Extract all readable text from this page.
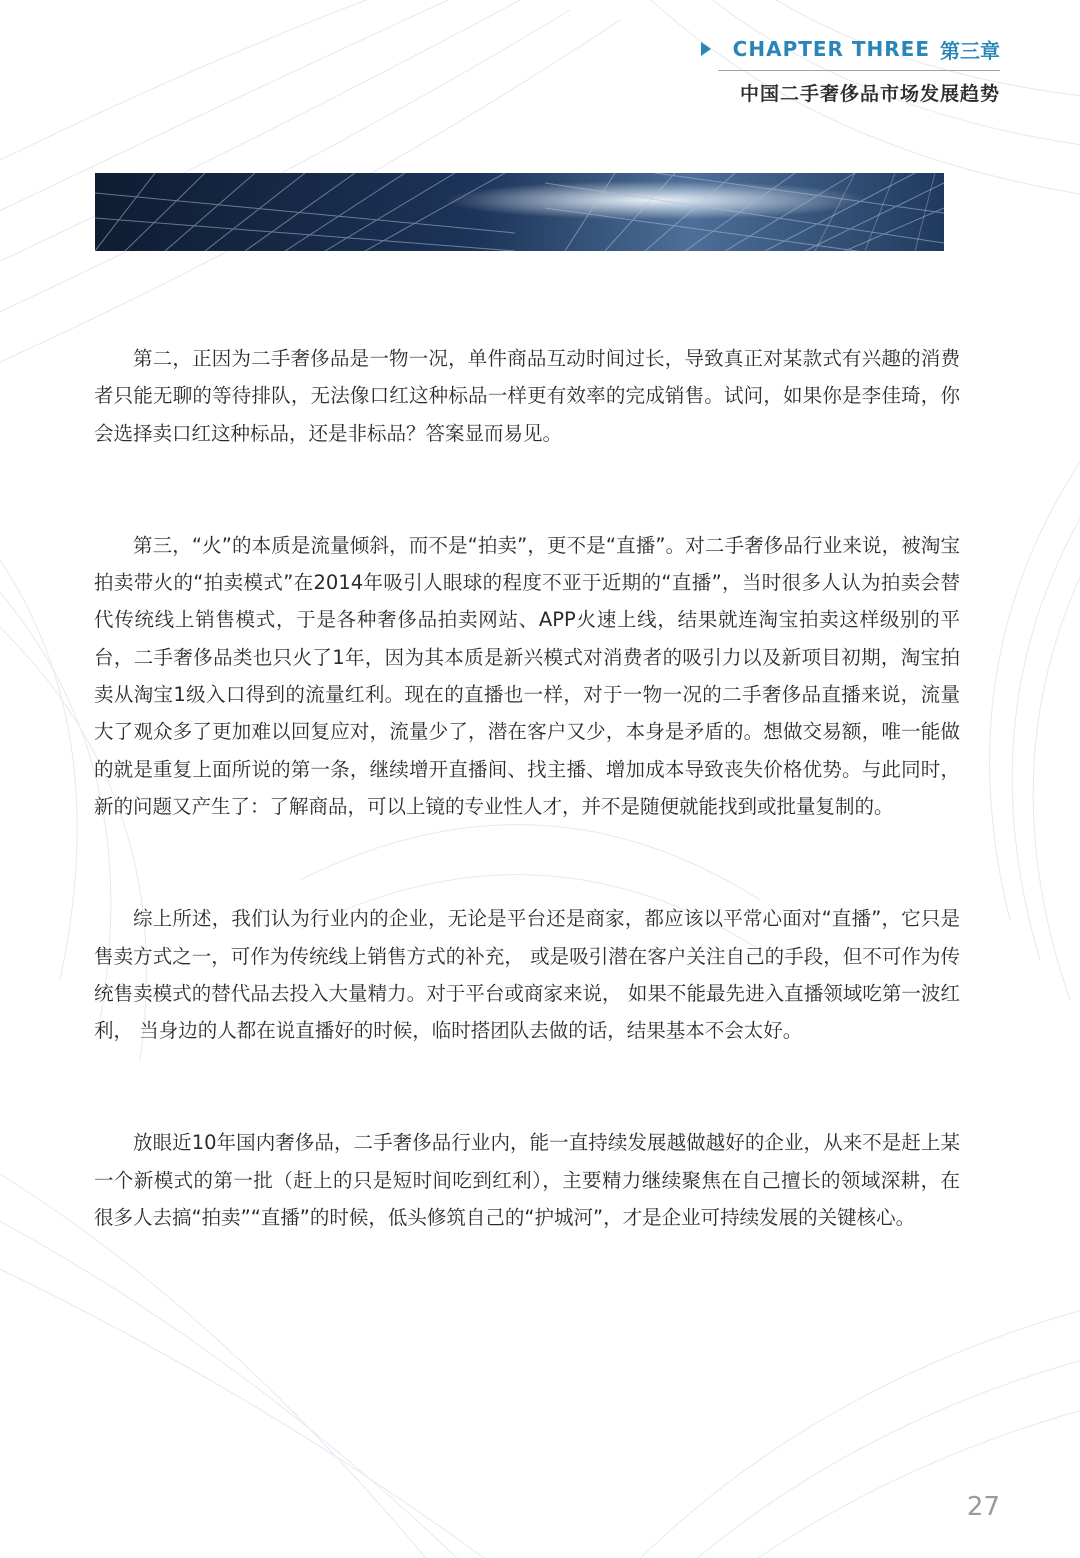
CHAPTER THREE 第三章
中国二手奢侈品市场发展趋势

第二，正因为二手奢侈品是一物一况，单件商品互动时间过长，导致真正对某款式有兴趣的消费者只能无聊的等待排队，无法像口红这种标品一样更有效率的完成销售。试问，如果你是李佳琦，你会选择卖口红这种标品，还是非标品？答案显而易见。

第三，“火”的本质是流量倾斜，而不是“拍卖”，更不是“直播”。对二手奢侈品行业来说，被淘宝拍卖带火的“拍卖模式”在2014年吸引人眼球的程度不亚于近期的“直播”，当时很多人认为拍卖会替代传统线上销售模式，于是各种奢侈品拍卖网站、APP火速上线，结果就连淘宝拍卖这样级别的平台，二手奢侈品类也只火了1年，因为其本质是新兴模式对消费者的吸引力以及新项目初期，淘宝拍卖从淘宝1级入口得到的流量红利。现在的直播也一样，对于一物一况的二手奢侈品直播来说，流量大了观众多了更加难以回复应对，流量少了，潜在客户又少，本身是矛盾的。想做交易额，唯一能做的就是重复上面所说的第一条，继续增开直播间、找主播、增加成本导致丧失价格优势。与此同时，新的问题又产生了：了解商品，可以上镜的专业性人才，并不是随便就能找到或批量复制的。

综上所述，我们认为行业内的企业，无论是平台还是商家，都应该以平常心面对“直播”，它只是售卖方式之一，可作为传统线上销售方式的补充， 或是吸引潜在客户关注自己的手段，但不可作为传统售卖模式的替代品去投入大量精力。对于平台或商家来说， 如果不能最先进入直播领域吃第一波红利， 当身边的人都在说直播好的时候，临时搭团队去做的话，结果基本不会太好。

放眼近10年国内奢侈品，二手奢侈品行业内，能一直持续发展越做越好的企业，从来不是赶上某一个新模式的第一批（赶上的只是短时间吃到红利），主要精力继续聚焦在自己擅长的领域深耕，在很多人去搞“拍卖”“直播”的时候，低头修筑自己的“护城河”，才是企业可持续发展的关键核心。

27
